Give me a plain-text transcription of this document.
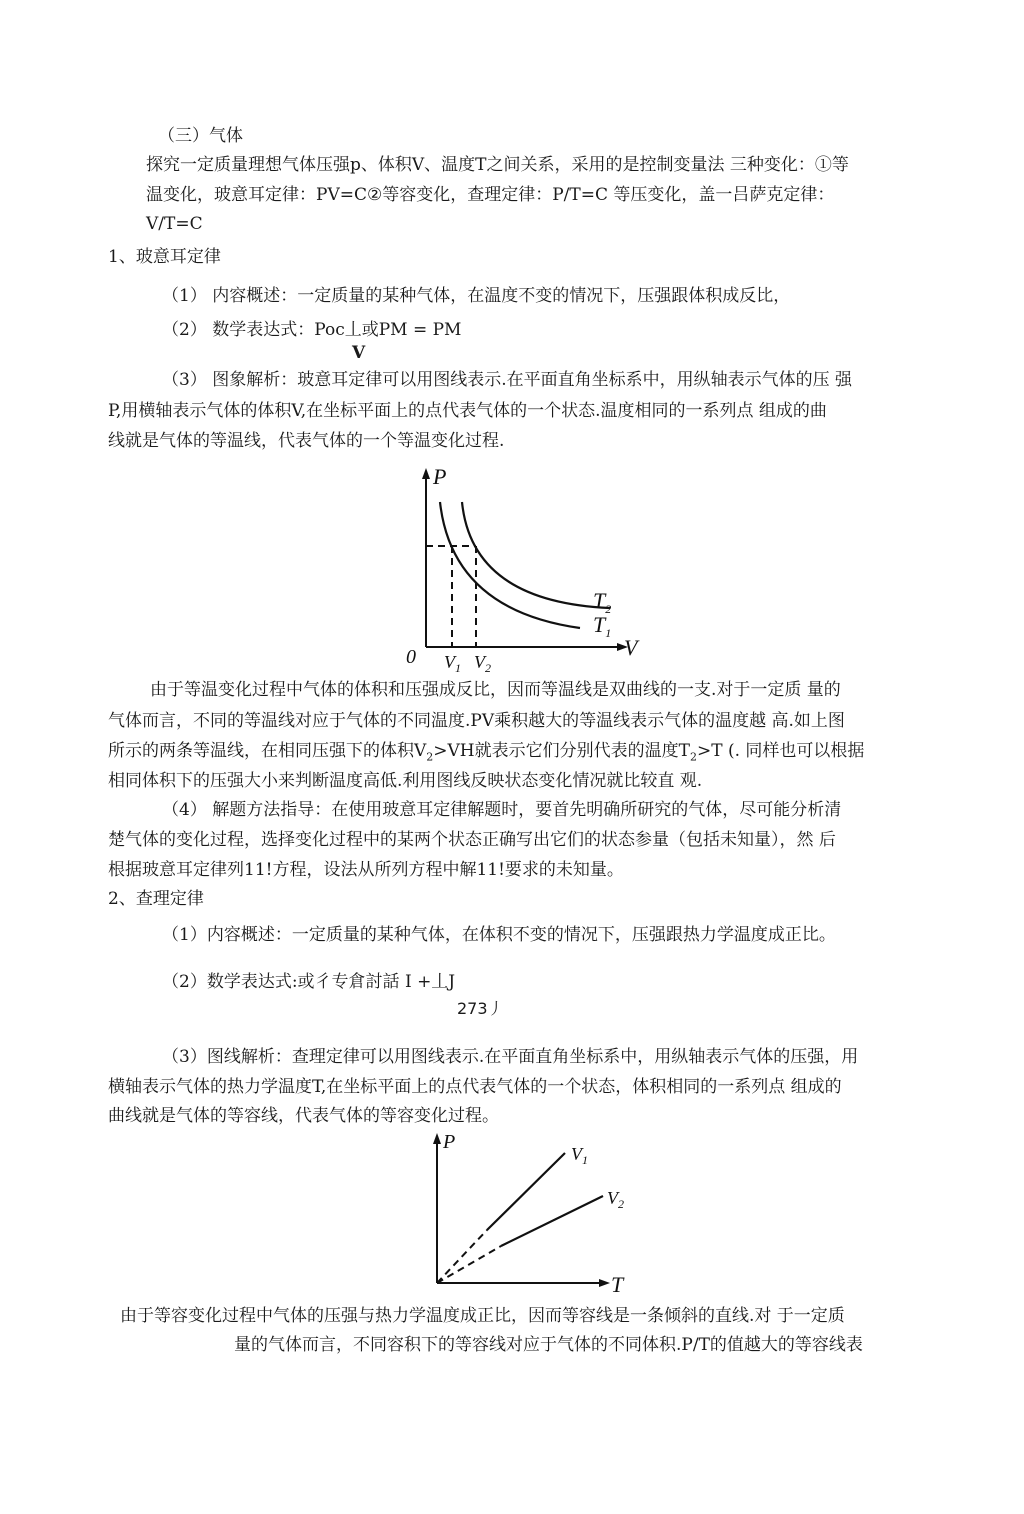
（三）气体
探究一定质量理想气体压强p、体积V、温度T之间关系，采用的是控制变量法 三种变化：①等
温变化，玻意耳定律：PV=C②等容变化，查理定律：P/T=C 等压变化，盖一吕萨克定律：
V/T=C
1、玻意耳定律
（1） 内容概述：一定质量的某种气体，在温度不变的情况下，压强跟体积成反比，
（2） 数学表达式：Poc丄或PM = PM
V
（3） 图象解析：玻意耳定律可以用图线表示.在平面直角坐标系中，用纵轴表示气体的压 强
P,用横轴表示气体的体积V,在坐标平面上的点代表气体的一个状态.温度相同的一系列点 组成的曲
线就是气体的等温线，代表气体的一个等温变化过程.
P
V
0 $V_1$ $V_2$
$T_2$
$T_1$
由于等温变化过程中气体的体积和压强成反比，因而等温线是双曲线的一支.对于一定质 量的
气体而言，不同的等温线对应于气体的不同温度.PV乘积越大的等温线表示气体的温度越 高.如上图
所示的两条等温线，在相同压强下的体积$V_2>VH$就表示它们分别代表的温度$T_2>T$ (. 同样也可以根据
相同体积下的压强大小来判断温度高低.利用图线反映状态变化情况就比较直 观.
（4） 解题方法指导：在使用玻意耳定律解题时，要首先明确所研究的气体，尽可能分析清
楚气体的变化过程，选择变化过程中的某两个状态正确写出它们的状态参量（包括未知量），然 后
根据玻意耳定律列11!方程，设法从所列方程中解11!要求的未知量。
2、查理定律
（1）内容概述：一定质量的某种气体，在体积不变的情况下，压强跟热力学温度成正比。
（2）数学表达式:或彳专倉討話 I +丄J
273丿
（3）图线解析：查理定律可以用图线表示.在平面直角坐标系中，用纵轴表示气体的压强，用
横轴表示气体的热力学温度T,在坐标平面上的点代表气体的一个状态，体积相同的一系列点 组成的
曲线就是气体的等容线，代表气体的等容变化过程。
P
T
$V_1$
$V_2$
由于等容变化过程中气体的压强与热力学温度成正比，因而等容线是一条倾斜的直线.对 于一定质
量的气体而言，不同容积下的等容线对应于气体的不同体积.P/T的值越大的等容线表
